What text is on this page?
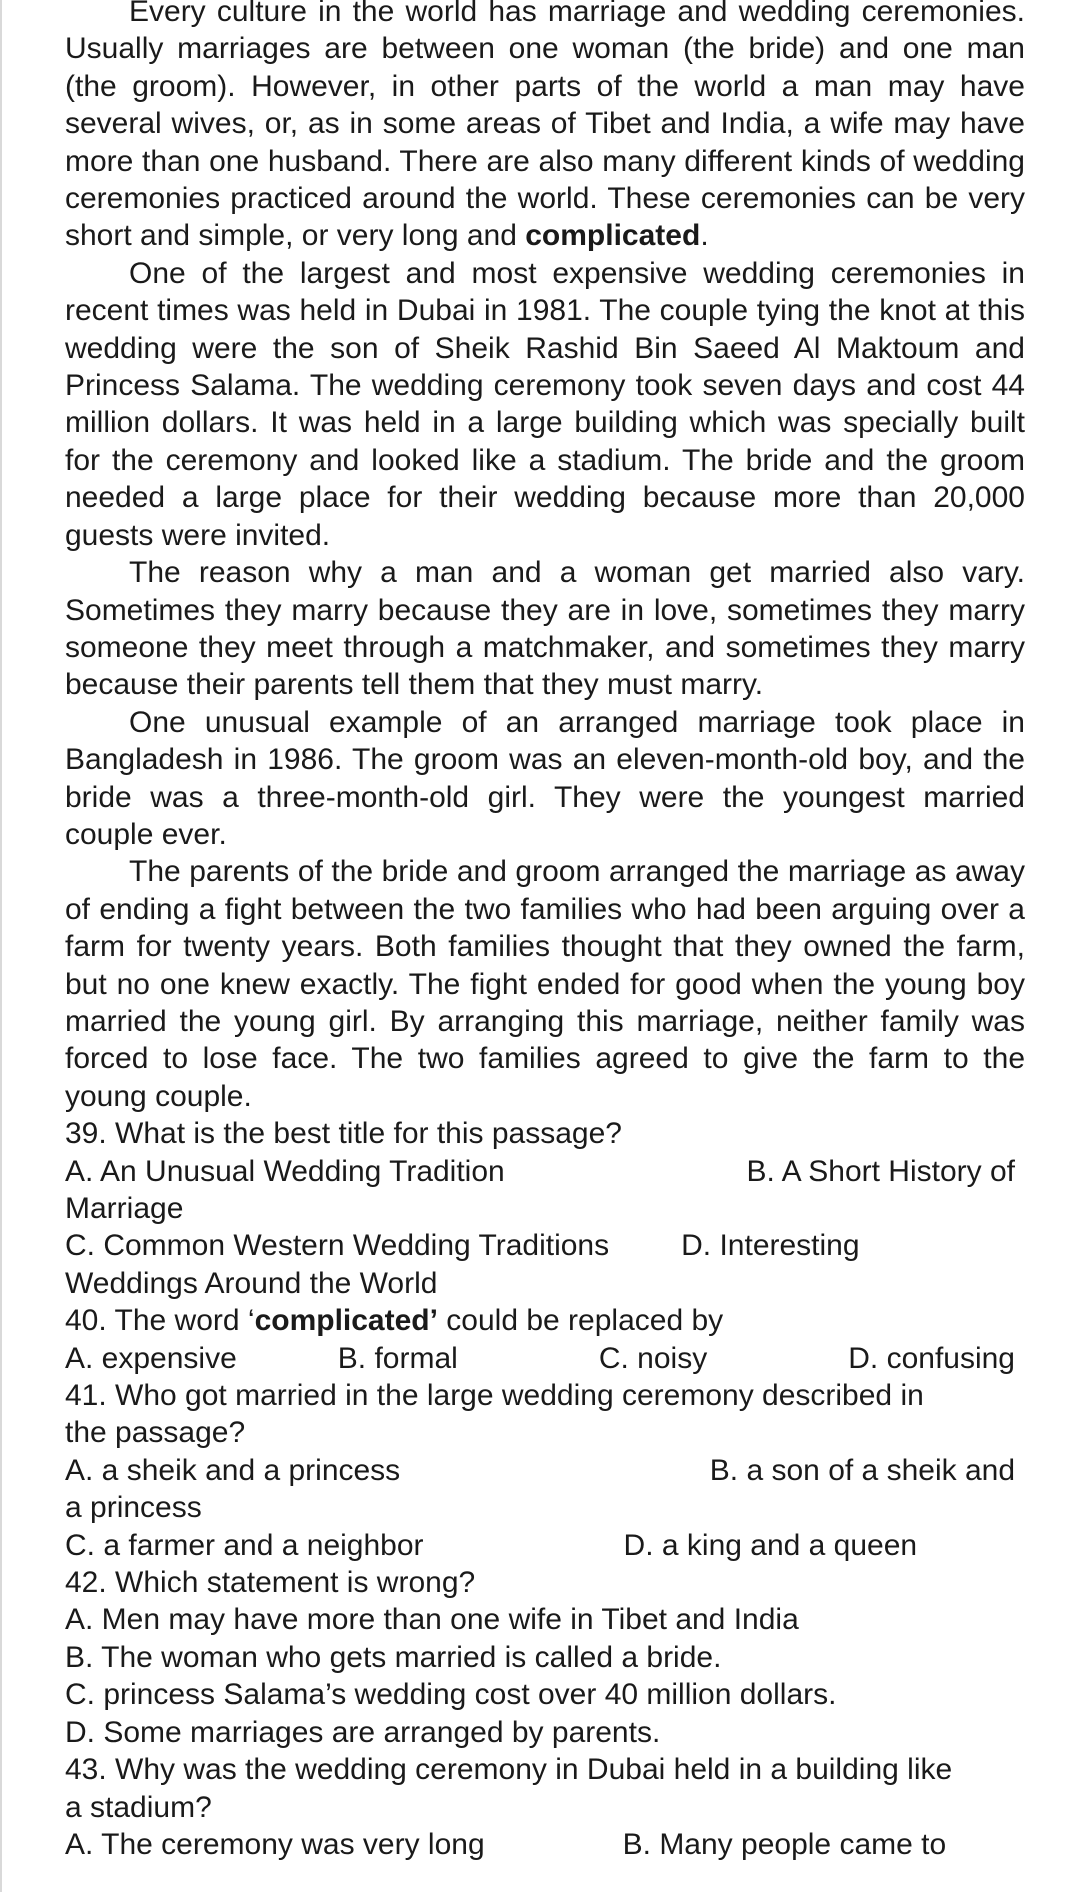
Every culture in the world has marriage and wedding ceremonies. Usually marriages are between one woman (the bride) and one man (the groom). However, in other parts of the world a man may have several wives, or, as in some areas of Tibet and India, a wife may have more than one husband. There are also many different kinds of wedding ceremonies practiced around the world. These ceremonies can be very short and simple, or very long and complicated.

One of the largest and most expensive wedding ceremonies in recent times was held in Dubai in 1981. The couple tying the knot at this wedding were the son of Sheik Rashid Bin Saeed Al Maktoum and Princess Salama. The wedding ceremony took seven days and cost 44 million dollars. It was held in a large building which was specially built for the ceremony and looked like a stadium. The bride and the groom needed a large place for their wedding because more than 20,000 guests were invited.

The reason why a man and a woman get married also vary. Sometimes they marry because they are in love, sometimes they marry someone they meet through a matchmaker, and sometimes they marry because their parents tell them that they must marry.

One unusual example of an arranged marriage took place in Bangladesh in 1986. The groom was an eleven-month-old boy, and the bride was a three-month-old girl. They were the youngest married couple ever.

The parents of the bride and groom arranged the marriage as away of ending a fight between the two families who had been arguing over a farm for twenty years. Both families thought that they owned the farm, but no one knew exactly. The fight ended for good when the young boy married the young girl. By arranging this marriage, neither family was forced to lose face. The two families agreed to give the farm to the young couple.

39. What is the best title for this passage?

A. An Unusual Wedding Tradition	B. A Short History of
Marriage
C. Common Western Wedding Traditions	D. Interesting
Weddings Around the World

40. The word ‘complicated’ could be replaced by

A. expensive	B. formal	C. noisy	D. confusing

41. Who got married in the large wedding ceremony described in

the passage?

A. a sheik and a princess	B. a son of a sheik and
a princess
C. a farmer and a neighbor	D. a king and a queen

42. Which statement is wrong?

A. Men may have more than one wife in Tibet and India

B. The woman who gets married is called a bride.

C. princess Salama’s wedding cost over 40 million dollars.

D. Some marriages are arranged by parents.

43. Why was the wedding ceremony in Dubai held in a building like

a stadium?

A. The ceremony was very long	B. Many people came to
